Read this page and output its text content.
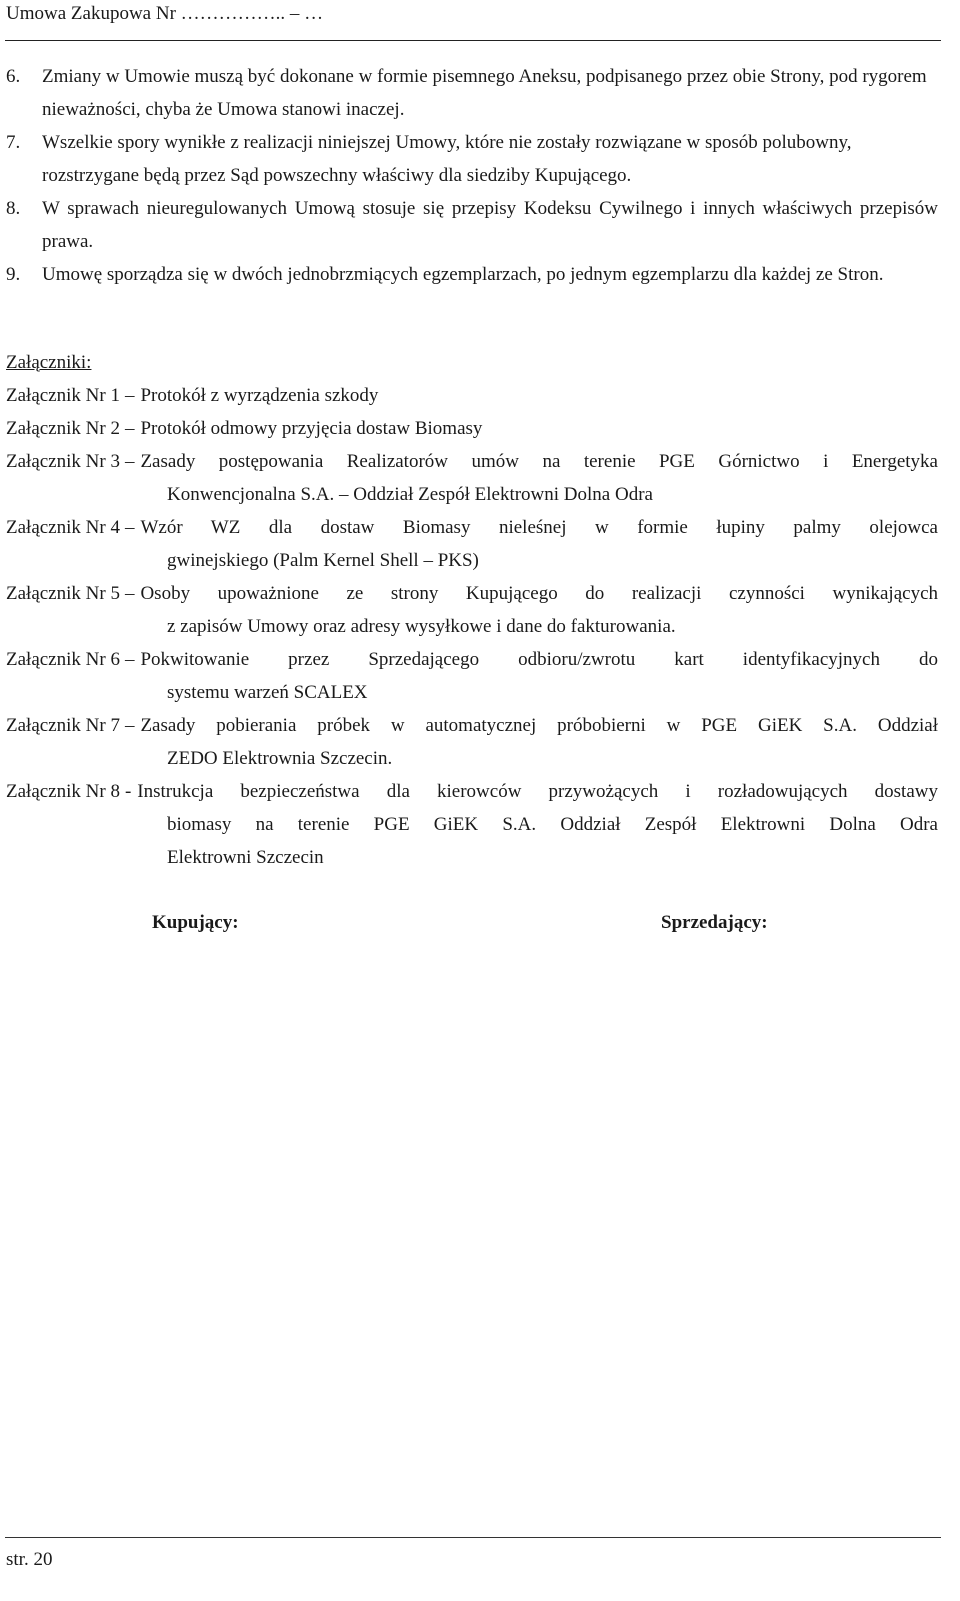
Umowa Zakupowa Nr …………….. – …
6.	Zmiany w Umowie muszą być dokonane w formie pisemnego Aneksu, podpisanego przez obie Strony, pod rygorem nieważności, chyba że Umowa stanowi inaczej.
7.	Wszelkie spory wynikłe z realizacji niniejszej Umowy, które nie zostały rozwiązane w sposób polubowny, rozstrzygane będą przez Sąd powszechny właściwy dla siedziby Kupującego.
8.	W sprawach nieuregulowanych Umową stosuje się przepisy Kodeksu Cywilnego i innych właściwych przepisów prawa.
9.	Umowę sporządza się w dwóch jednobrzmiących egzemplarzach, po jednym egzemplarzu dla każdej ze Stron.
Załączniki:
Załącznik Nr 1 – Protokół z wyrządzenia szkody
Załącznik Nr 2 – Protokół odmowy przyjęcia dostaw Biomasy
Załącznik Nr 3 – Zasady postępowania Realizatorów umów na terenie PGE Górnictwo i Energetyka
Konwencjonalna S.A. – Oddział Zespół Elektrowni Dolna Odra
Załącznik Nr 4 – Wzór WZ dla dostaw Biomasy nieleśnej w formie łupiny palmy olejowca
gwinejskiego (Palm Kernel Shell – PKS)
Załącznik Nr 5 – Osoby upoważnione ze strony Kupującego do realizacji czynności wynikających
z zapisów Umowy oraz adresy wysyłkowe i dane do fakturowania.
Załącznik Nr 6 – Pokwitowanie przez Sprzedającego odbioru/zwrotu kart identyfikacyjnych do
systemu warzeń SCALEX
Załącznik Nr 7 – Zasady pobierania próbek w automatycznej próbobierni w PGE GiEK S.A. Oddział
ZEDO Elektrownia Szczecin.
Załącznik Nr 8 - Instrukcja bezpieczeństwa dla kierowców przywożących i rozładowujących dostawy
biomasy na terenie PGE GiEK S.A. Oddział Zespół Elektrowni Dolna Odra
Elektrowni Szczecin
Kupujący:	Sprzedający:
str. 20
